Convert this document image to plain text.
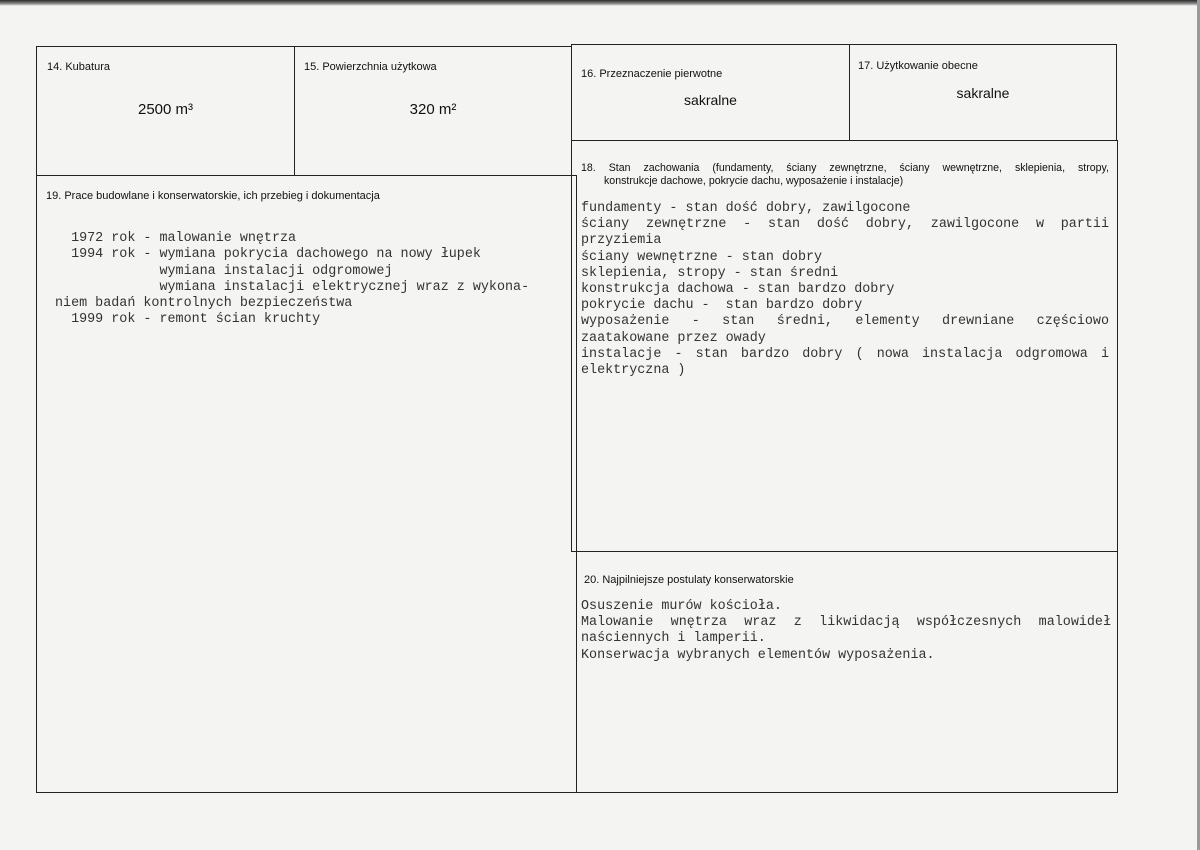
14. Kubatura
2500 m³
15. Powierzchnia użytkowa
320 m²
16. Przeznaczenie pierwotne
sakralne
17. Użytkowanie obecne
sakralne
19. Prace budowlane i konserwatorskie, ich przebieg i dokumentacja

1972 rok - malowanie wnętrza
1994 rok - wymiana pokrycia dachowego na nowy łupek
wymiana instalacji odgromowej
wymiana instalacji elektrycznej wraz z wykona-
niem badań kontrolnych bezpieczeństwa
1999 rok - remont ścian kruchty

18. Stan zachowania (fundamenty, ściany zewnętrzne, ściany wewnętrzne, sklepienia, stropy,
konstrukcje dachowe, pokrycie dachu, wyposażenie i instalacje)
fundamenty - stan dość dobry, zawilgocone
ściany zewnętrzne - stan dość dobry, zawilgocone w partii
przyziemia
ściany wewnętrzne - stan dobry
sklepienia, stropy - stan średni
konstrukcja dachowa - stan bardzo dobry
pokrycie dachu -  stan bardzo dobry
wyposażenie - stan średni, elementy drewniane częściowo
zaatakowane przez owady
instalacje - stan bardzo dobry ( nowa instalacja odgromowa i
elektryczna )
20. Najpilniejsze postulaty konserwatorskie
Osuszenie murów kościoła.
Malowanie wnętrza wraz z likwidacją współczesnych malowideł
naściennych i lamperii.
Konserwacja wybranych elementów wyposażenia.
